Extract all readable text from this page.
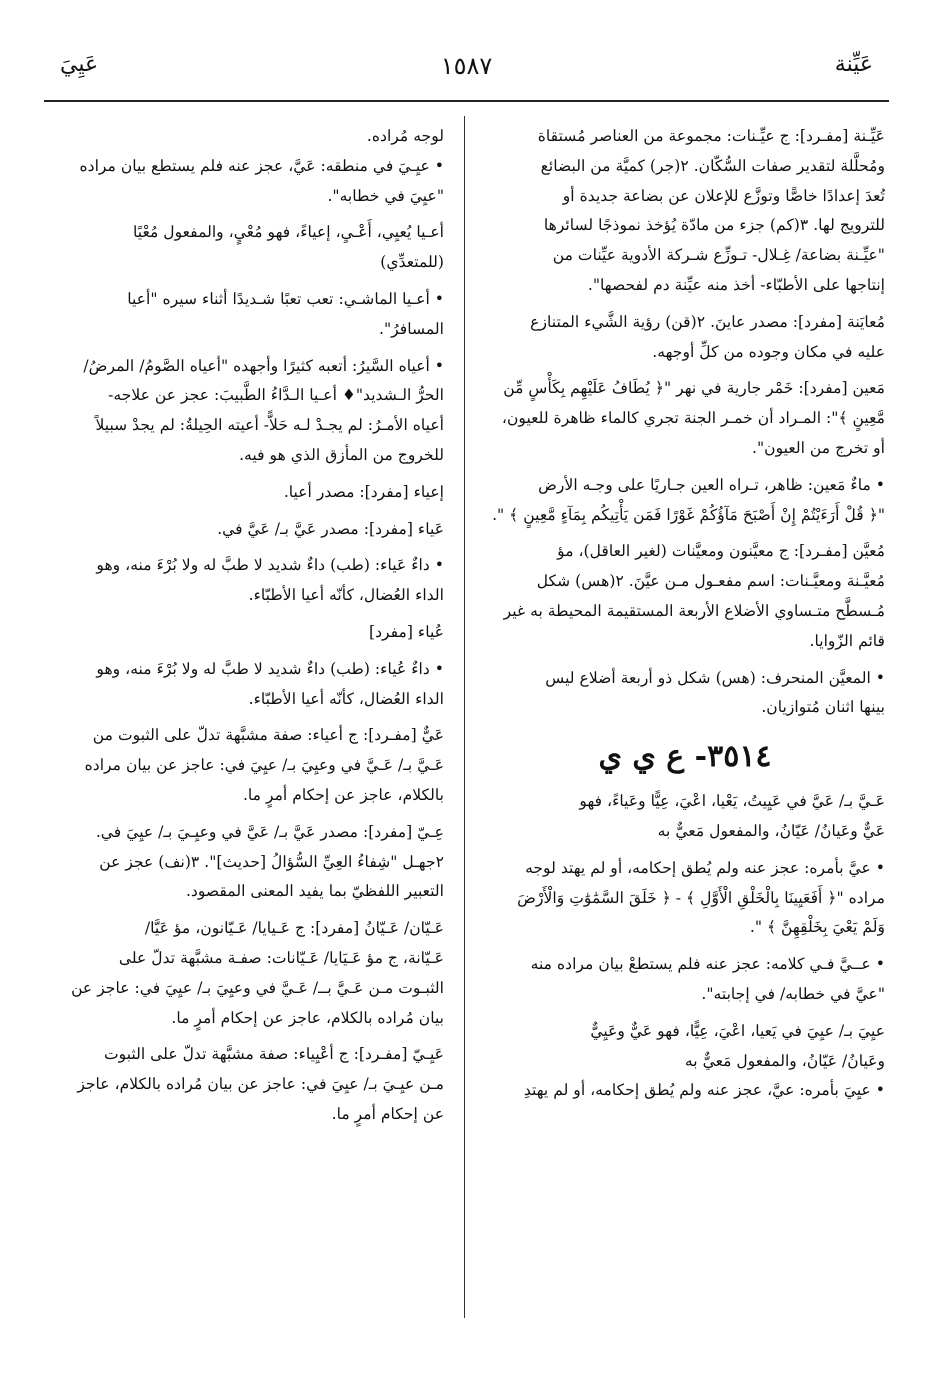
عَيِّنة
١٥٨٧
عَيِيَ

عَيِّـنة [مفـرد]: ج عيِّـنات: مجموعة من العناصر مُستقاة

ومُحلَّلة لتقدير صفات السُّكّان. ٢(جر) كميَّة من البضائع

تُعدَ إعدادًا خاصًّا وتوزَّع للإعلان عن بضاعة جديدة أو

للترويج لها. ٣(كم) جزء من مادّة يُؤخذ نموذجًا لسائرها

"عيِّـنة بضاعة/ غِـلال- تـوزِّع شـركة الأدوية عيِّنات من

إنتاجها على الأطبّاء- أخذ منه عيِّنة دم لفحصها".

مُعايَنة [مفرد]: مصدر عاينَ. ٢(قن) رؤية الشَّيء المتنازع

عليه في مكان وجوده من كلِّ أوجهه.

مَعين [مفرد]: خَمْر جارية في نهر "﴿ يُطَافُ عَلَيْهِم بِكَأْسٍ مِّن

مَّعِينٍ ﴾": المـراد أن خمـر الجنة تجري كالماء ظاهرة للعيون،

أو تخرج من العيون".

• ماءٌ مَعين: ظاهر، تـراه العين جـاريًا على وجـه الأرض

"﴿ قُلْ أَرَءَيْتُمْ إِنْ أَصْبَحَ مَآؤُكُمْ غَوْرًا فَمَن يَأْتِيكُم بِمَآءٍ مَّعِينٍ ﴾ ".

مُعيَّن [مفـرد]: ج معيَّنون ومعيَّنات (لغير العاقل)، مؤ

مُعيَّـنة ومعيَّـنات: اسم مفعـول مـن عيَّنَ. ٢(هس) شكل

مُـسطَّح متـساوي الأضلاع الأربعة المستقيمة المحيطة به غير

قائم الزّوايا.

• المعيَّن المنحرف: (هس) شكل ذو أربعة أضلاع ليس

بينها اثنان مُتوازيان.

٣٥١٤- ع ي ي

عَـيَّ بـ/ عَيَّ في عَيِيتُ، يَعْيا، اعْيَ، عِيًّا وعَياءً، فهو

عَيٌّ وعَيانُ/ عَيّانُ، والمفعول مَعيٌّ به

• عيَّ بأمره: عجز عنه ولم يُطق إحكامه، أو لم يهتد لوجه

مراده "﴿ أَفَعَيِينَا بِالْخَلْقِ الْأَوَّلِ ﴾ - ﴿ خَلَقَ السَّمَٰوَٰتِ وَالْأَرْضَ

وَلَمْ يَعْيَ بِخَلْقِهِنَّ ﴾ ".

• عــيَّ فـي كلامه: عجز عنه فلم يستطعْ بيان مراده منه

"عيَّ في خطابه/ في إجابته".

عيِيَ بـ/ عيِيَ في يَعيا، اعْيَ، عِيًّا، فهو عَيٌّ وعَيِيٌّ

وعَيانُ/ عَيّانُ، والمفعول مَعيٌّ به

• عيِيَ بأمره: عيَّ، عجز عنه ولم يُطق إحكامه، أو لم يهتدِ

لوجه مُراده.

• عيِـيَ في منطقه: عَيَّ، عجز عنه فلم يستطع بيان مراده

"عيِيَ في خطابه".

أعـيا يُعيِي، أَعْـيِ، إعياءً، فهو مُعْيٍ، والمفعول مُعْيًا

(للمتعدِّي)

• أعـيا الماشـي: تعب تعبًا شـديدًا أثناء سيره "أعيا

المسافرُ".

• أعياه السَّيرُ: أتعبه كثيرًا وأجهده "أعياه الصَّومُ/ المرضُ/

الحرُّ الـشديد"♦ أعـيا الـدَّاءُ الطَّبيبَ: عجز عن علاجه-

أعياه الأمـرُ: لم يجـدْ لـه حَلاًّ- أعيته الحِيلةُ: لم يجدْ سبيلاً

للخروج من المأزق الذي هو فيه.

إعياء [مفرد]: مصدر أعيا.

عَياء [مفرد]: مصدر عَيَّ بـ/ عَيَّ في.

• داءٌ عَياء: (طب) داءٌ شديد لا طبَّ له ولا بُرْءَ منه، وهو

الداء العُضال، كأنّه أعيا الأطبّاء.

عُياء [مفرد]

• داءٌ عُياء: (طب) داءٌ شديد لا طبَّ له ولا بُرْءَ منه، وهو

الداء العُضال، كأنّه أعيا الأطبّاء.

عَيٌّ [مفـرد]: ج أعياء: صفة مشبَّهة تدلّ على الثبوت من

عَـيَّ بـ/ عَـيَّ في وعيِيَ بـ/ عيِيَ في: عاجز عن بيان مراده

بالكلام، عاجز عن إحكام أمرٍ ما.

عِـيّ [مفرد]: مصدر عَيَّ بـ/ عَيَّ في وعيِـيَ بـ/ عيِيَ في.

٢جهـل "شِفاءُ العِيِّ السُّؤالُ [حديث]". ٣(نف) عجز عن

التعبير اللفظيّ بما يفيد المعنى المقصود.

عَـيّان/ عَـيّانُ [مفرد]: ج عَـيايا/ عَـيّانون، مؤ عَيَّا/

عَـيّانة، ج مؤ عَـيَايا/ عَـيّانات: صفـة مشبَّهة تدلّ على

الثبـوت مـن عَـيَّ بــ/ عَـيَّ في وعيِيَ بـ/ عيِيَ في: عاجز عن

بيان مُراده بالكلام، عاجز عن إحكام أمرٍ ما.

عَيِـيّ [مفـرد]: ج أعْيِياء: صفة مشبَّهة تدلّ على الثبوت

مـن عيِـيَ بـ/ عيِيَ في: عاجز عن بيان مُراده بالكلام، عاجز

عن إحكام أمرٍ ما.
